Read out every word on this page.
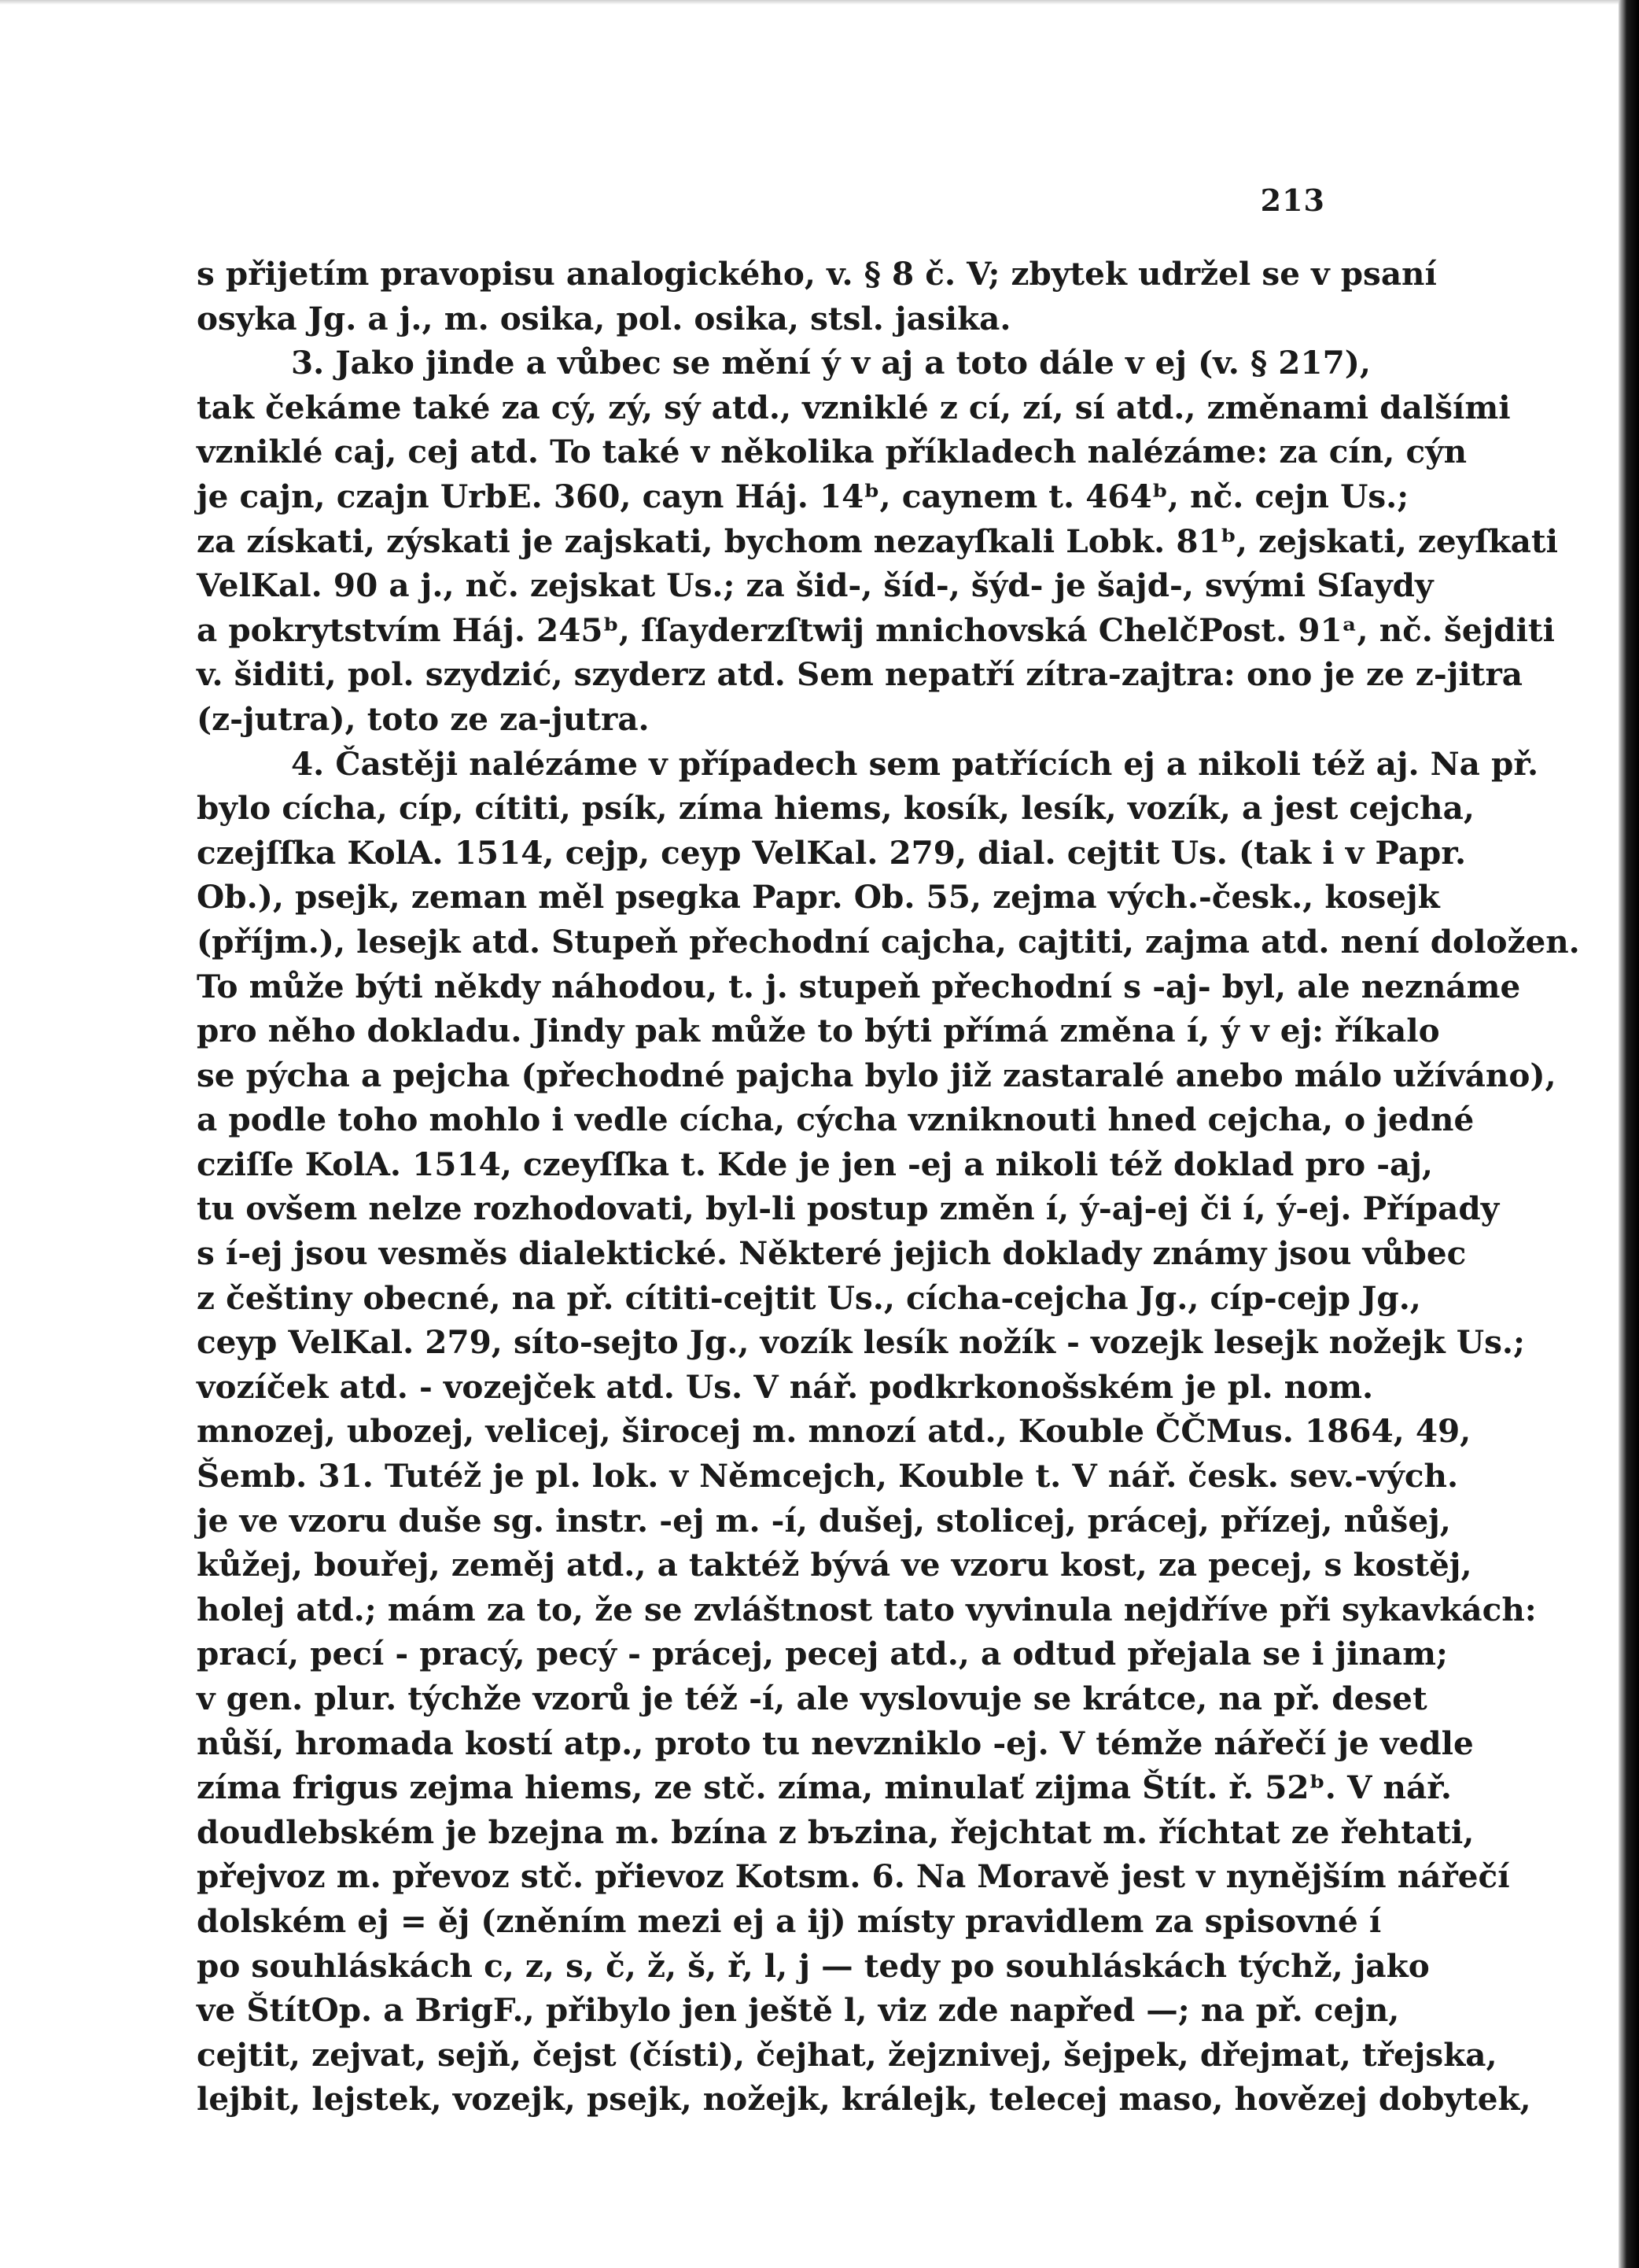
213
s přijetím pravopisu analogického, v. § 8 č. V; zbytek udržel se v psaní
osyka Jg. a j., m. osika, pol. osika, stsl. jasika.
3. Jako jinde a vůbec se mění ý v aj a toto dále v ej (v. § 217),
tak čekáme také za cý, zý, sý atd., vzniklé z cí, zí, sí atd., změnami dalšími
vzniklé caj, cej atd. To také v několika příkladech nalézáme: za cín, cýn
je cajn, czajn UrbE. 360, cayn Háj. 14ᵇ, caynem t. 464ᵇ, nč. cejn Us.;
za získati, zýskati je zajskati, bychom nezayſkali Lobk. 81ᵇ, zejskati, zeyſkati
VelKal. 90 a j., nč. zejskat Us.; za šid-, šíd-, šýd- je šajd-, svými Sſaydy
a pokrytstvím Háj. 245ᵇ, ſſayderzſtwij mnichovská ChelčPost. 91ᵃ, nč. šejditi
v. šiditi, pol. szydzić, szyderz atd. Sem nepatří zítra-zajtra: ono je ze z-jitra
(z-jutra), toto ze za-jutra.
4. Častěji nalézáme v případech sem patřících ej a nikoli též aj. Na př.
bylo cícha, cíp, cítiti, psík, zíma hiems, kosík, lesík, vozík, a jest cejcha,
czejſſka KolA. 1514, cejp, ceyp VelKal. 279, dial. cejtit Us. (tak i v Papr.
Ob.), psejk, zeman měl psegka Papr. Ob. 55, zejma vých.-česk., kosejk
(příjm.), lesejk atd. Stupeň přechodní cajcha, cajtiti, zajma atd. není doložen.
To může býti někdy náhodou, t. j. stupeň přechodní s -aj- byl, ale neznáme
pro něho dokladu. Jindy pak může to býti přímá změna í, ý v ej: říkalo
se pýcha a pejcha (přechodné pajcha bylo již zastaralé anebo málo užíváno),
a podle toho mohlo i vedle cícha, cýcha vzniknouti hned cejcha, o jedné
cziſſe KolA. 1514, czeyſſka t. Kde je jen -ej a nikoli též doklad pro -aj,
tu ovšem nelze rozhodovati, byl-li postup změn í, ý-aj-ej či í, ý-ej. Případy
s í-ej jsou vesměs dialektické. Některé jejich doklady známy jsou vůbec
z češtiny obecné, na př. cítiti-cejtit Us., cícha-cejcha Jg., cíp-cejp Jg.,
ceyp VelKal. 279, síto-sejto Jg., vozík lesík nožík - vozejk lesejk nožejk Us.;
vozíček atd. - vozejček atd. Us. V nář. podkrkonošském je pl. nom.
mnozej, ubozej, velicej, širocej m. mnozí atd., Kouble ČČMus. 1864, 49,
Šemb. 31. Tutéž je pl. lok. v Němcejch, Kouble t. V nář. česk. sev.-vých.
je ve vzoru duše sg. instr. -ej m. -í, dušej, stolicej, prácej, přízej, nůšej,
kůžej, bouřej, zeměj atd., a taktéž bývá ve vzoru kost, za pecej, s kostěj,
holej atd.; mám za to, že se zvláštnost tato vyvinula nejdříve při sykavkách:
prací, pecí - pracý, pecý - prácej, pecej atd., a odtud přejala se i jinam;
v gen. plur. týchže vzorů je též -í, ale vyslovuje se krátce, na př. deset
nůší, hromada kostí atp., proto tu nevzniklo -ej. V témže nářečí je vedle
zíma frigus zejma hiems, ze stč. zíma, minulať zijma Štít. ř. 52ᵇ. V nář.
doudlebském je bzejna m. bzína z bъzina, řejchtat m. říchtat ze řehtati,
přejvoz m. převoz stč. přievoz Kotsm. 6. Na Moravě jest v nynějším nářečí
dolském ej = ěj (zněním mezi ej a ij) místy pravidlem za spisovné í
po souhláskách c, z, s, č, ž, š, ř, l, j — tedy po souhláskách týchž, jako
ve ŠtítOp. a BrigF., přibylo jen ještě l, viz zde napřed —; na př. cejn,
cejtit, zejvat, sejň, čejst (čísti), čejhat, žejznivej, šejpek, dřejmat, třejska,
lejbit, lejstek, vozejk, psejk, nožejk, králejk, telecej maso, hovězej dobytek,
